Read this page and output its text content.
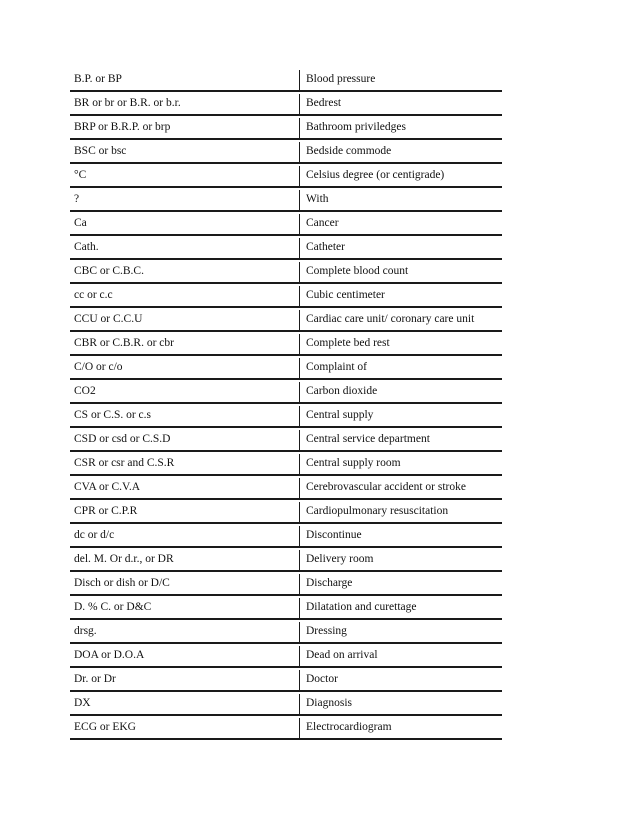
B.P. or BP	Blood pressure
BR or br or B.R. or b.r.	Bedrest
BRP or B.R.P. or brp	Bathroom priviledges
BSC or bsc	Bedside commode
°C	Celsius degree (or centigrade)
?	With
Ca	Cancer
Cath.	Catheter
CBC or C.B.C.	Complete blood count
cc or c.c	Cubic centimeter
CCU or C.C.U	Cardiac care unit/ coronary care unit
CBR or C.B.R. or cbr	Complete bed rest
C/O or c/o	Complaint of
CO2	Carbon dioxide
CS or C.S. or c.s	Central supply
CSD or csd or C.S.D	Central service department
CSR or csr and C.S.R	Central supply room
CVA or C.V.A	Cerebrovascular accident or stroke
CPR or C.P.R	Cardiopulmonary resuscitation
dc or d/c	Discontinue
del. M. Or d.r., or DR	Delivery room
Disch or dish or D/C	Discharge
D. % C. or D&C	Dilatation and curettage
drsg.	Dressing
DOA or D.O.A	Dead on arrival
Dr. or Dr	Doctor
DX	Diagnosis
ECG or EKG	Electrocardiogram
